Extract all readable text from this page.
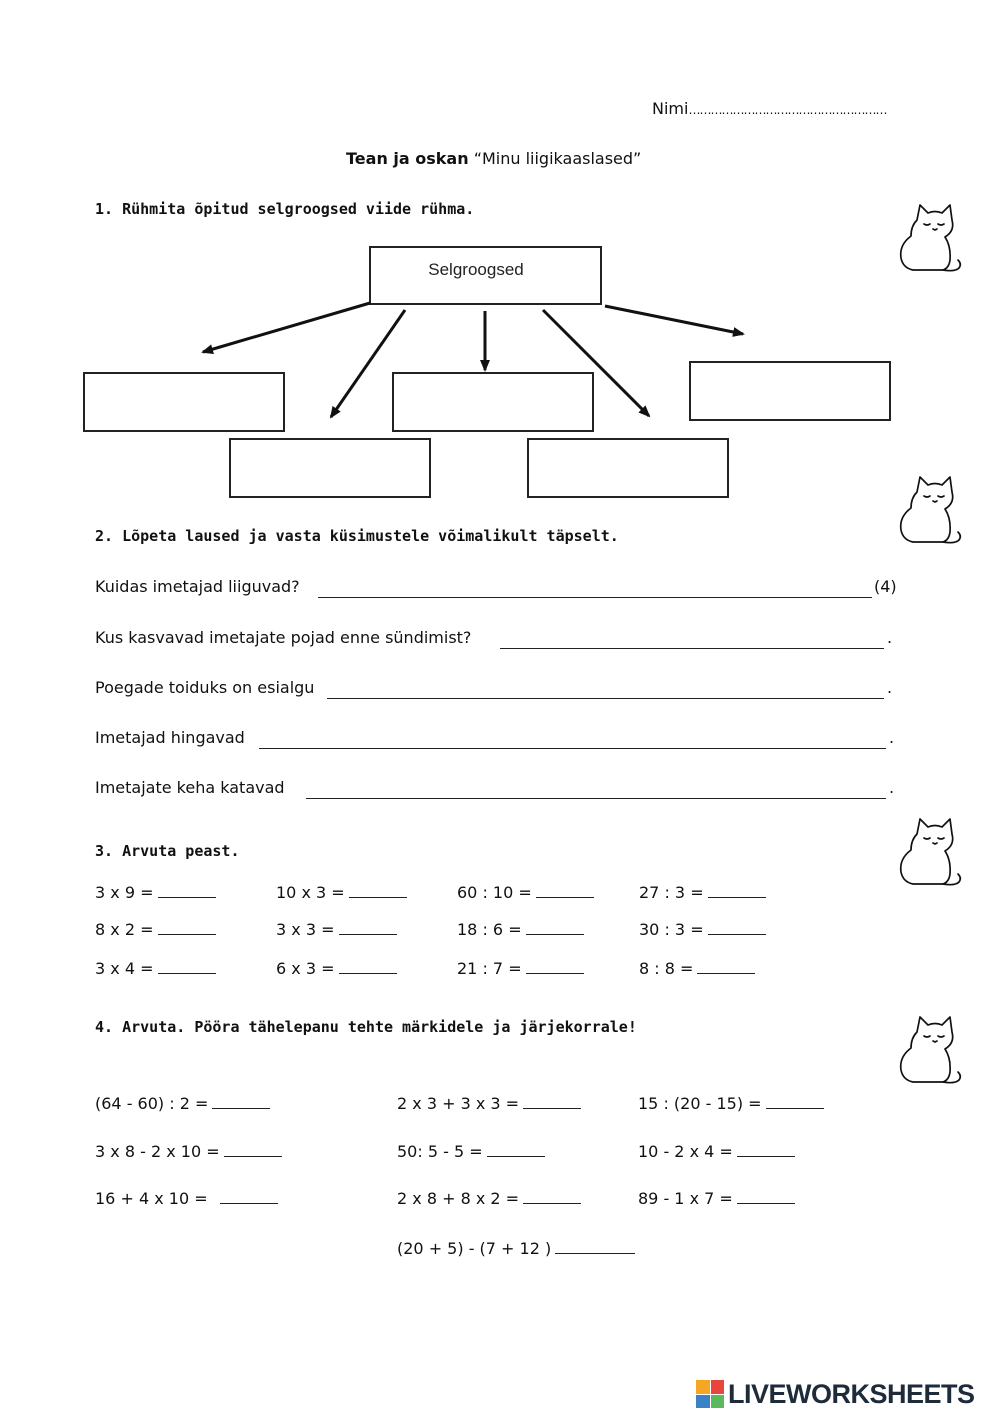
Nimi………………………………………………
Tean ja oskan “Minu liigikaaslased”
1. Rühmita õpitud selgroogsed viide rühma.
Selgroogsed
2. Lõpeta laused ja vasta küsimustele võimalikult täpselt.
Kuidas imetajad liiguvad?	(4)
Kus kasvavad imetajate pojad enne sündimist?	.
Poegade toiduks on esialgu	.
Imetajad hingavad	.
Imetajate keha katavad	.
3. Arvuta peast.
3 x 9 =	10 x 3 =	60 : 10 =	27 : 3 =
8 x 2 =	3 x 3 =	18 : 6 =	30 : 3 =
3 x 4 =	6 x 3 =	21 : 7 =	8 : 8 =
4. Arvuta. Pööra tähelepanu tehte märkidele ja järjekorrale!
(64 - 60) : 2 =	2 x 3 + 3 x 3 =	15 : (20 - 15) =
3 x 8 - 2 x 10 =	50: 5 - 5 =	10 - 2 x 4 =
16 + 4 x 10 =	2 x 8 + 8 x 2 =	89 - 1 x 7 =
(20 + 5) - (7 + 12 )
LIVEWORKSHEETS
